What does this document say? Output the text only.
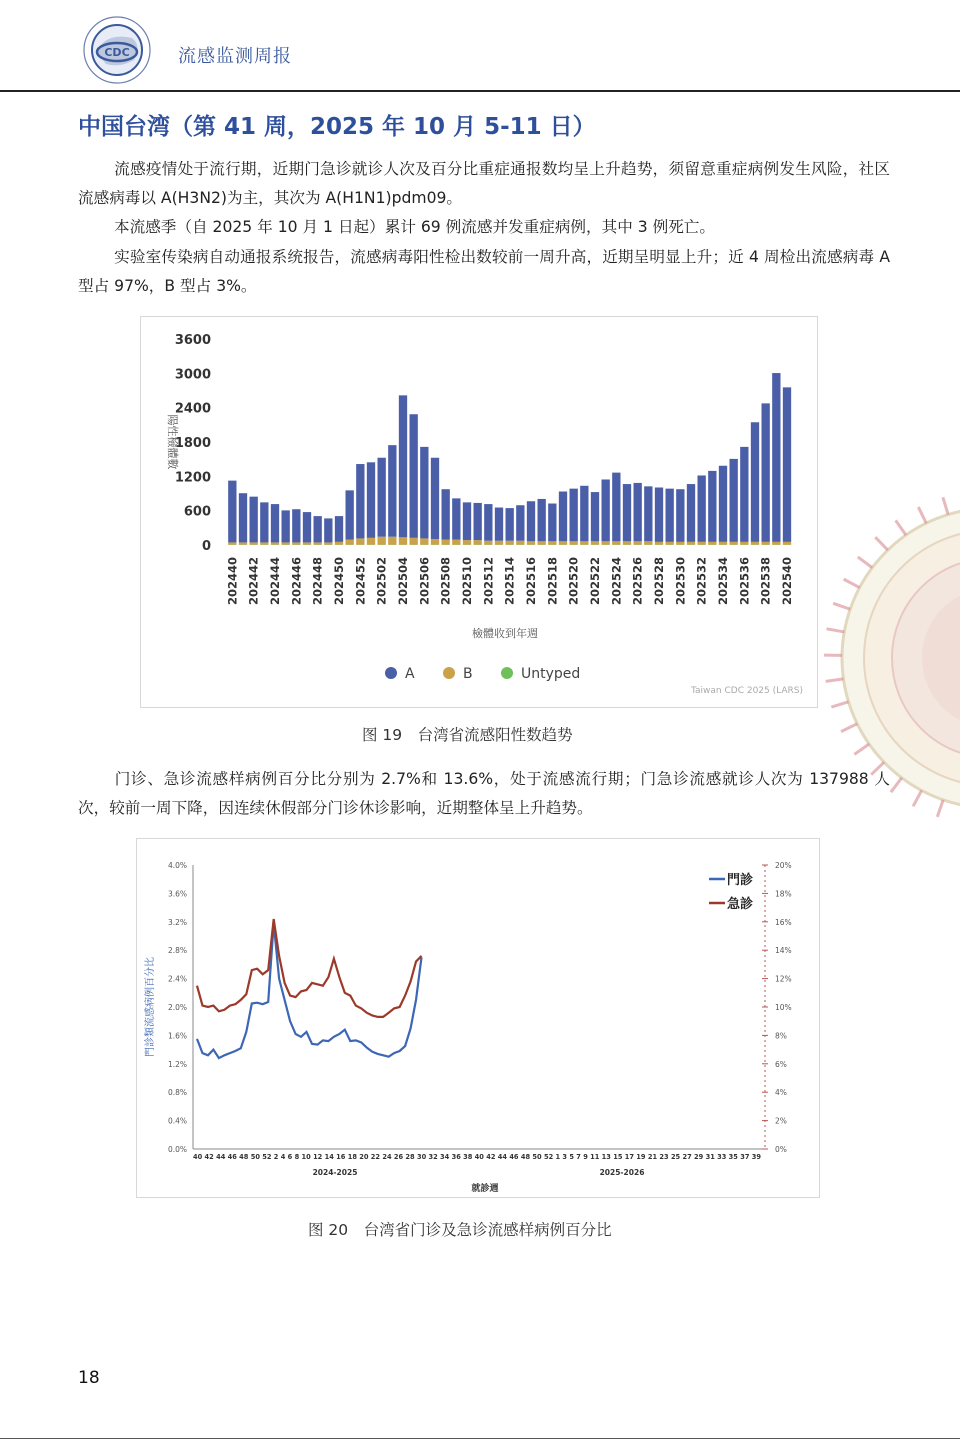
CDC	流感监测周报
中国台湾（第 41 周，2025 年 10 月 5-11 日）
流感疫情处于流行期，近期门急诊就诊人次及百分比重症通报数均呈上升趋势，须留意重症病例发生风险，社区流感病毒以 A(H3N2)为主，其次为 A(H1N1)pdm09。
本流感季（自 2025 年 10 月 1 日起）累计 69 例流感并发重症病例，其中 3 例死亡。
实验室传染病自动通报系统报告，流感病毒阳性检出数较前一周升高，近期呈明显上升；近 4 周检出流感病毒 A 型占 97%，B 型占 3%。
3600
3000
2400
1800
1200
600
0
陽性檢體數
202440 202442 202444 202446 202448 202450 202452 202502 202504 202506 202508 202510 202512 202514 202516 202518 202520 202522 202524 202526 202528 202530 202532 202534 202536 202538 202540
檢體收到年週
A	B	Untyped
Taiwan CDC 2025 (LARS)
图 19　台湾省流感阳性数趋势
门诊、急诊流感样病例百分比分别为 2.7%和 13.6%，处于流感流行期；门急诊流感就诊人次为 137988 人次，较前一周下降，因连续休假部分门诊休诊影响，近期整体呈上升趋势。
4.0%
3.6%
3.2%
2.8%
2.4%
2.0%
1.6%
1.2%
0.8%
0.4%
0.0%
20%
18%
16%
14%
12%
10%
8%
6%
4%
2%
0%
門診類流感病例百分比
40 42 44 46 48 50 52 2 4 6 8 10 12 14 16 18 20 22 24 26 28 30 32 34 36 38 40 42 44 46 48 50 52 1 3 5 7 9 11 13 15 17 19 21 23 25 27 29 31 33 35 37 39
2024-2025	2025-2026
就診週
門診
急診
图 20　台湾省门诊及急诊流感样病例百分比
18
